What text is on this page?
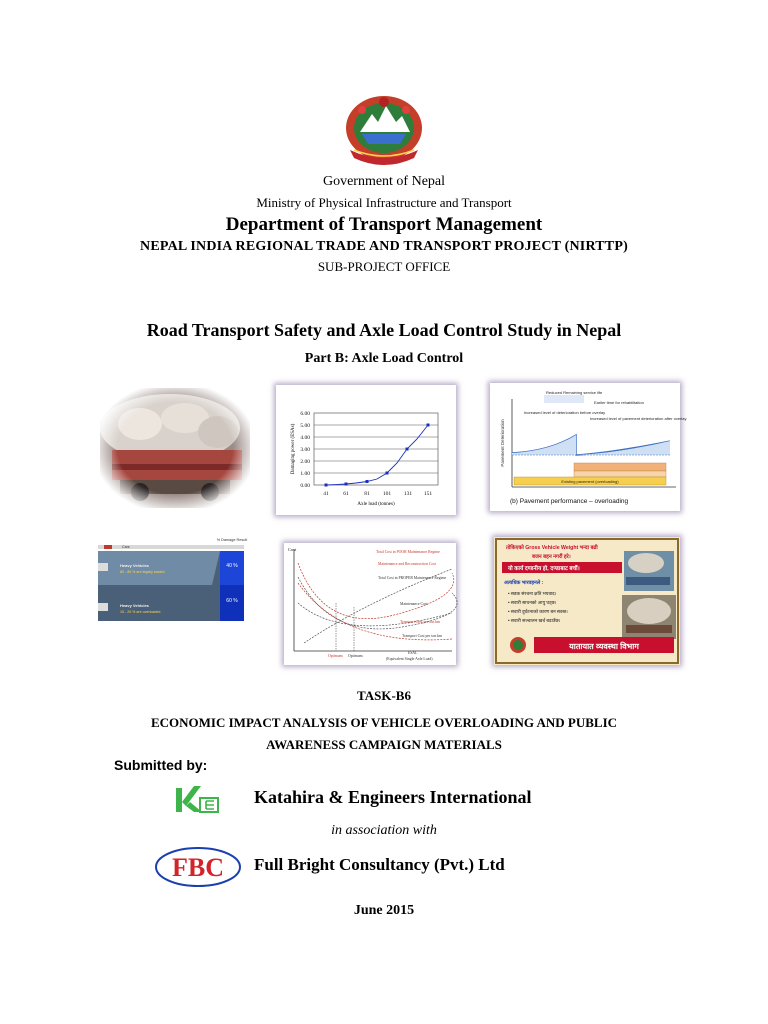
Government of Nepal
Ministry of Physical Infrastructure and Transport
Department of Transport Management
NEPAL INDIA REGIONAL TRADE AND TRANSPORT PROJECT (NIRTTP)
SUB-PROJECT OFFICE
Road Transport Safety and Axle Load Control Study in Nepal
Part B: Axle Load Control
6.00
5.00
4.00
3.00
2.00
1.00
0.00
41	61	81 101 131 151
Axle load (tonnes)
Damaging power (ESAs)	Pavement Deterioration
Reduced Remaining service life
Earlier time for rehabilitation
Increased level of deterioration before overlay
Increased level of pavement deterioration after overlay
Existing pavement (overloading)
(b) Pavement performance – overloading
% Damage Result
Cars
Heavy Vehicles
80 - 85 % are legally loaded
Heavy Vehicles
15 - 20 % are overloaded
40 %
60 %
Cost	Total Cost in POOR Maintenance Regime
Maintenance and Reconstruction Cost
Total Cost in PROPER Maintenance Regime
Maintenance Cost
Transport Cost per ton.km
Transport Cost per ton.km
Optimum Optimum
ESAL
(Equivalent Single Axle Load)
तोकिएको Gross Vehicle Weight भन्दा बढी
बजन बहन नगरौं हरे।
यो कार्य दण्डनीय हो, दण्डाबाट बचौं।
अत्यधिक भारवहनले :
• सडक संरचना क्षति भयवाद।
• सवारी साधनको आयु घट्छ।
• सवारी दुर्घटनाको कारण बन सक्छ।
• सवारी सञ्चालन खर्च बढाउँछ।
यातायात व्यवस्था विभाग
TASK-B6
ECONOMIC IMPACT ANALYSIS OF VEHICLE OVERLOADING AND PUBLIC
AWARENESS CAMPAIGN MATERIALS
Submitted by:
Katahira & Engineers International
in association with
FBC Full Bright Consultancy (Pvt.) Ltd
June 2015
